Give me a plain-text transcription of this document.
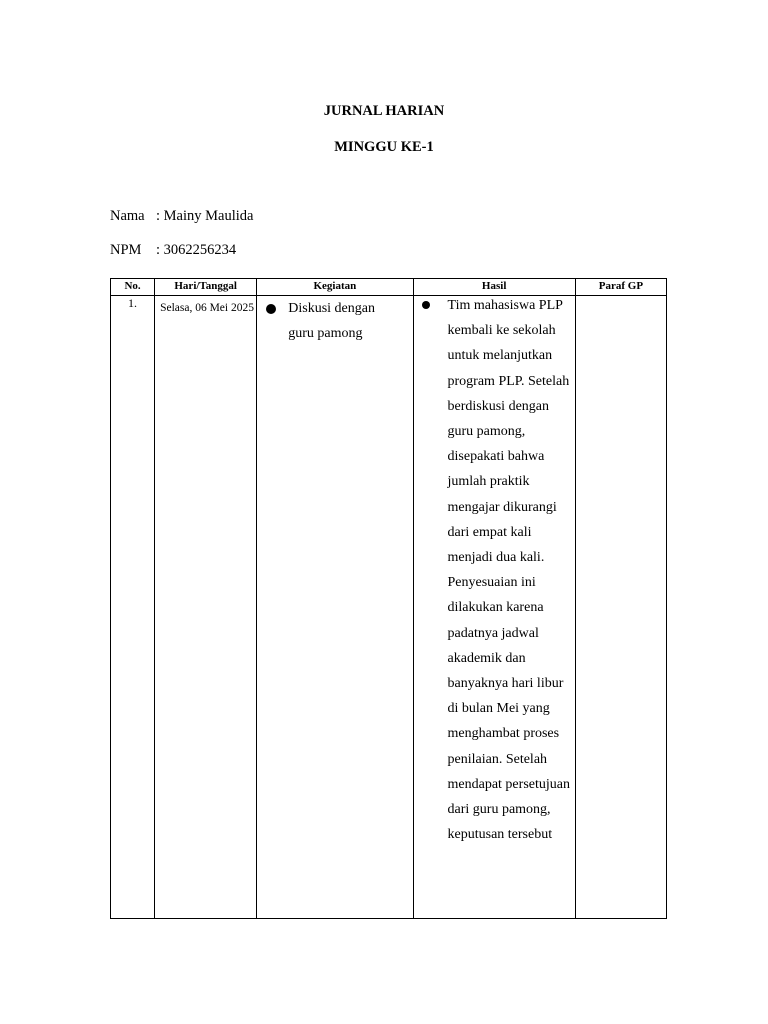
JURNAL HARIAN
MINGGU KE-1
Nama : Mainy Maulida
NPM : 3062256234
No.	Hari/Tanggal	Kegiatan	Hasil	Paraf GP
1.	Selasa, 06 Mei 2025	Diskusi dengan guru pamong	Tim mahasiswa PLP kembali ke sekolah untuk melanjutkan program PLP. Setelah berdiskusi dengan guru pamong, disepakati bahwa jumlah praktik mengajar dikurangi dari empat kali menjadi dua kali. Penyesuaian ini dilakukan karena padatnya jadwal akademik dan banyaknya hari libur di bulan Mei yang menghambat proses penilaian. Setelah mendapat persetujuan dari guru pamong, keputusan tersebut	
